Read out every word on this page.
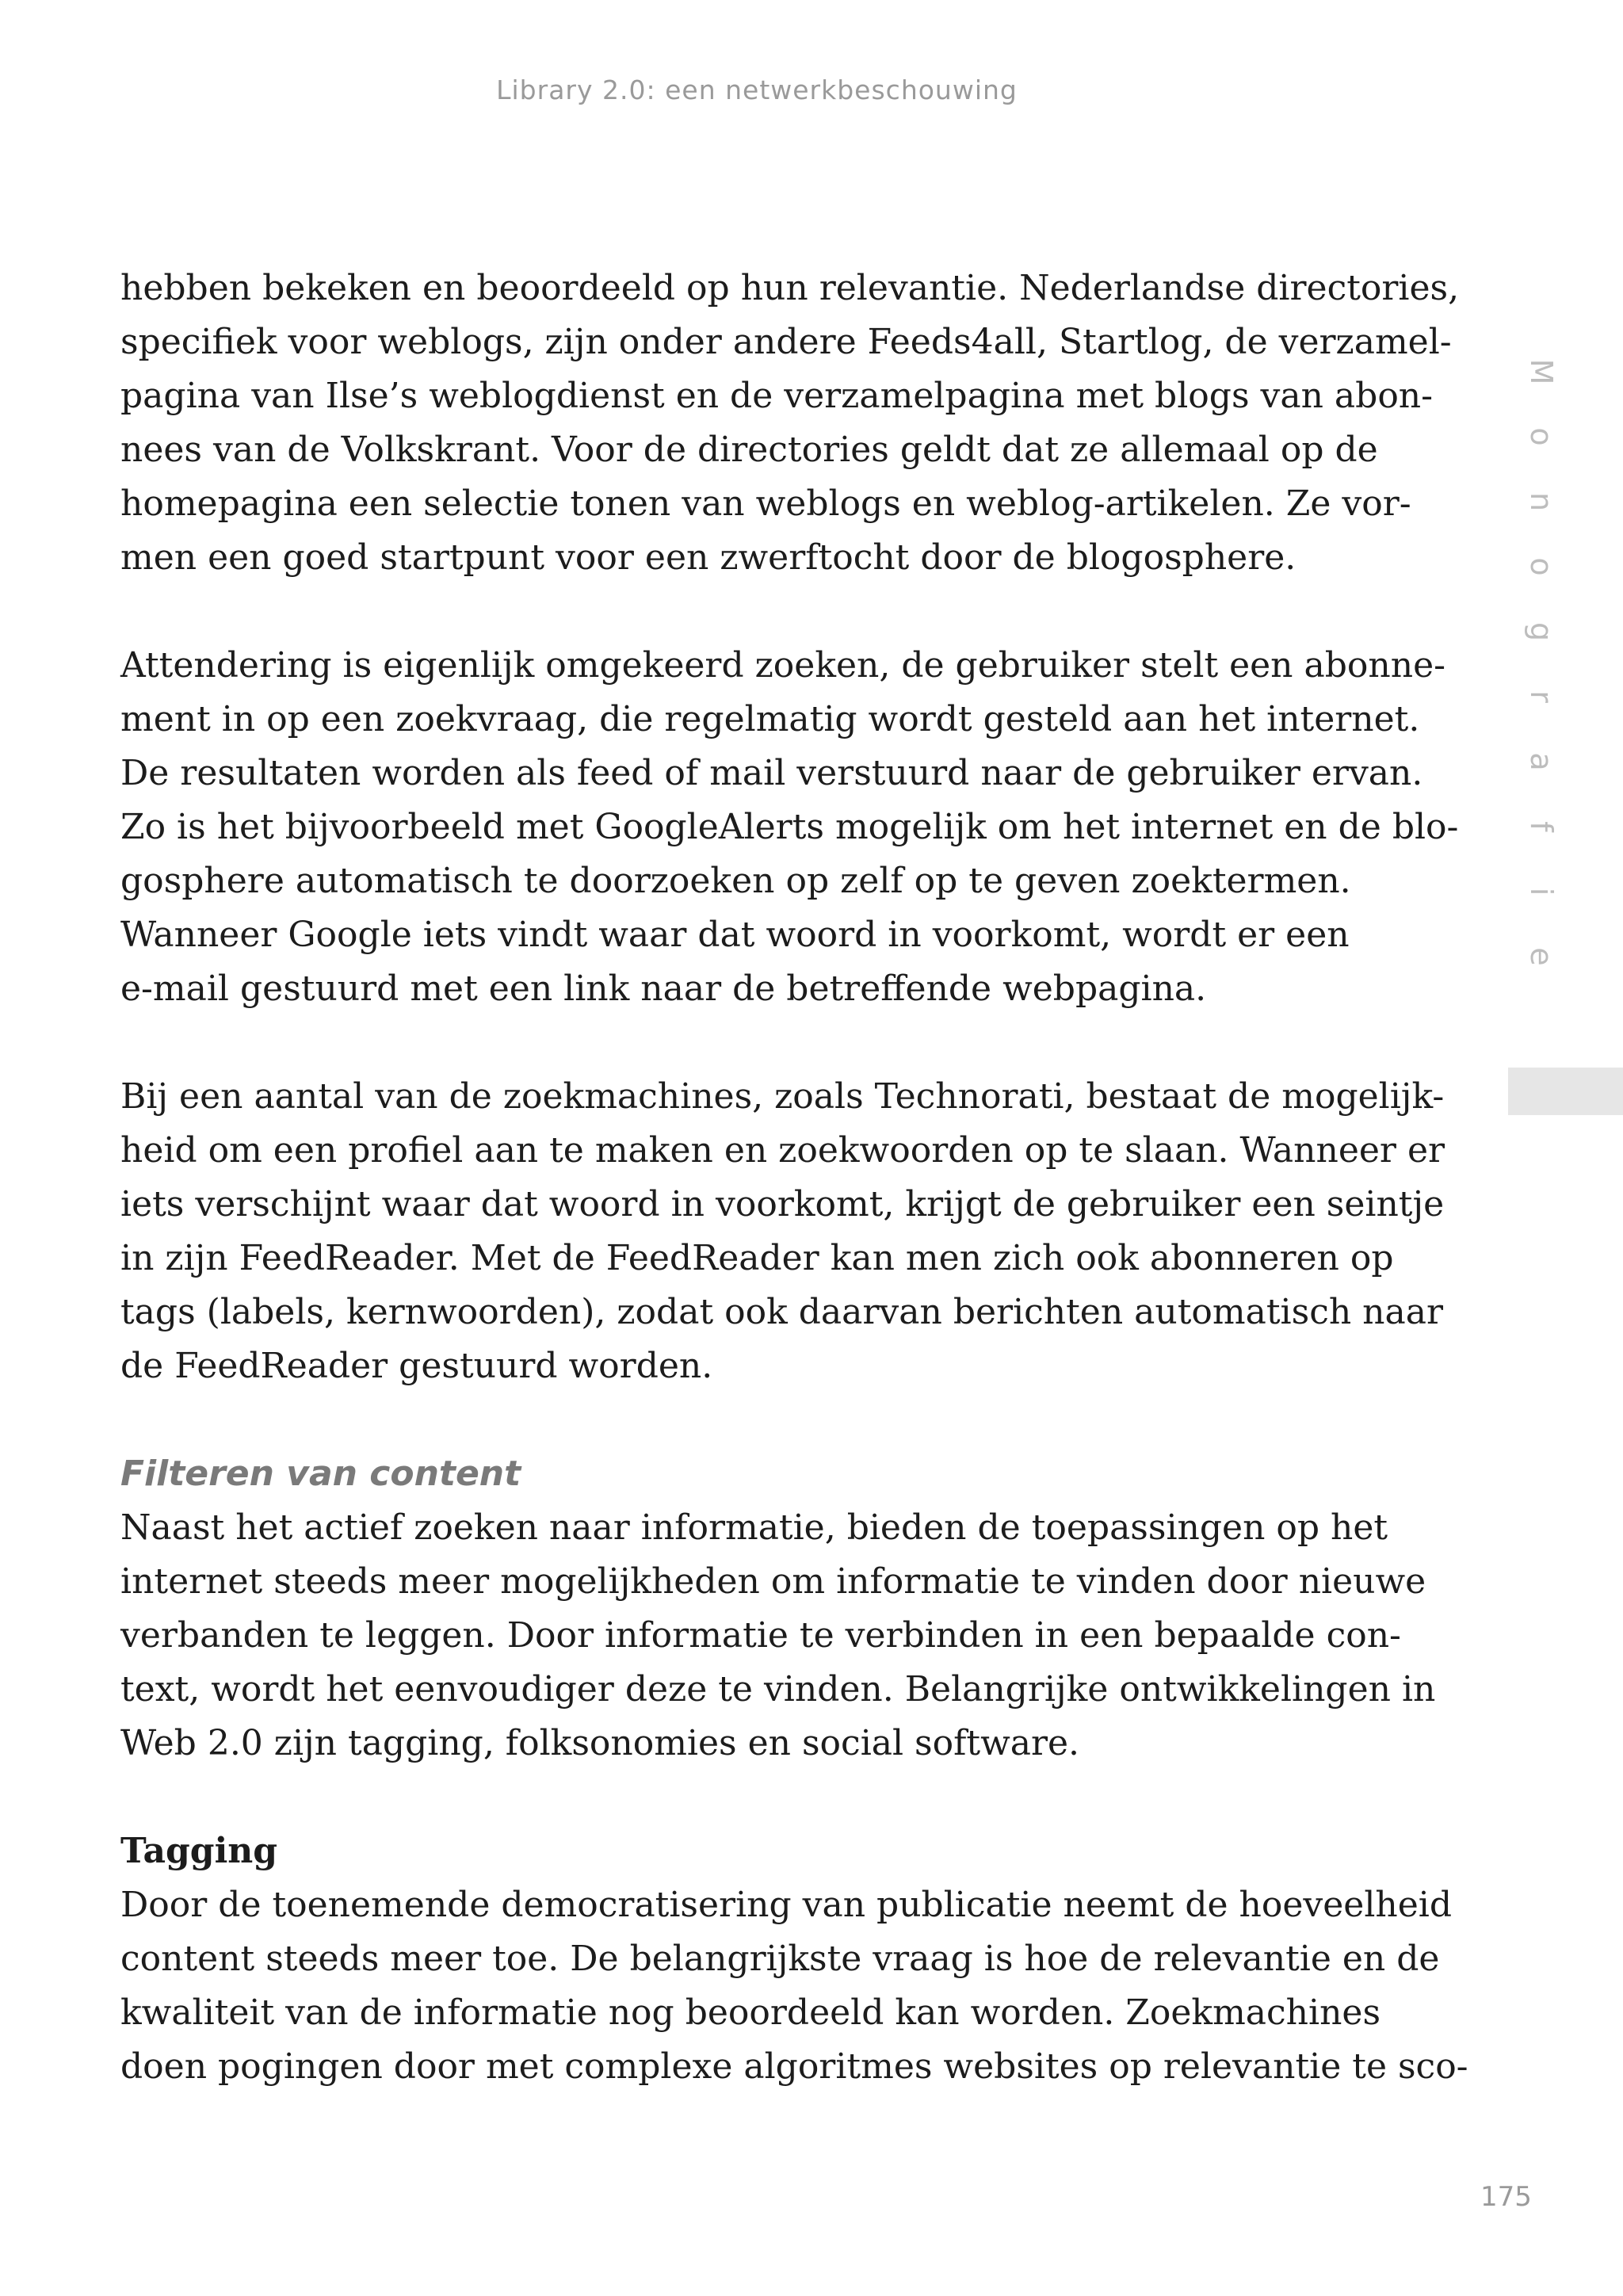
Library 2.0: een netwerkbeschouwing
M
o
n
o
g
r
a
f
i
e
hebben bekeken en beoordeeld op hun relevantie. Nederlandse directories,
specifiek voor weblogs, zijn onder andere Feeds4all, Startlog, de verzamel-
pagina van Ilse’s weblogdienst en de verzamelpagina met blogs van abon-
nees van de Volkskrant. Voor de directories geldt dat ze allemaal op de
homepagina een selectie tonen van weblogs en weblog-artikelen. Ze vor-
men een goed startpunt voor een zwerftocht door de blogosphere.
Attendering is eigenlijk omgekeerd zoeken, de gebruiker stelt een abonne-
ment in op een zoekvraag, die regelmatig wordt gesteld aan het internet.
De resultaten worden als feed of mail verstuurd naar de gebruiker ervan.
Zo is het bijvoorbeeld met GoogleAlerts mogelijk om het internet en de blo-
gosphere automatisch te doorzoeken op zelf op te geven zoektermen.
Wanneer Google iets vindt waar dat woord in voorkomt, wordt er een
e-mail gestuurd met een link naar de betreffende webpagina.
Bij een aantal van de zoekmachines, zoals Technorati, bestaat de mogelijk-
heid om een profiel aan te maken en zoekwoorden op te slaan. Wanneer er
iets verschijnt waar dat woord in voorkomt, krijgt de gebruiker een seintje
in zijn FeedReader. Met de FeedReader kan men zich ook abonneren op
tags (labels, kernwoorden), zodat ook daarvan berichten automatisch naar
de FeedReader gestuurd worden.
Filteren van content
Naast het actief zoeken naar informatie, bieden de toepassingen op het
internet steeds meer mogelijkheden om informatie te vinden door nieuwe
verbanden te leggen. Door informatie te verbinden in een bepaalde con-
text, wordt het eenvoudiger deze te vinden. Belangrijke ontwikkelingen in
Web 2.0 zijn tagging, folksonomies en social software.
Tagging
Door de toenemende democratisering van publicatie neemt de hoeveelheid
content steeds meer toe. De belangrijkste vraag is hoe de relevantie en de
kwaliteit van de informatie nog beoordeeld kan worden. Zoekmachines
doen pogingen door met complexe algoritmes websites op relevantie te sco-
175
